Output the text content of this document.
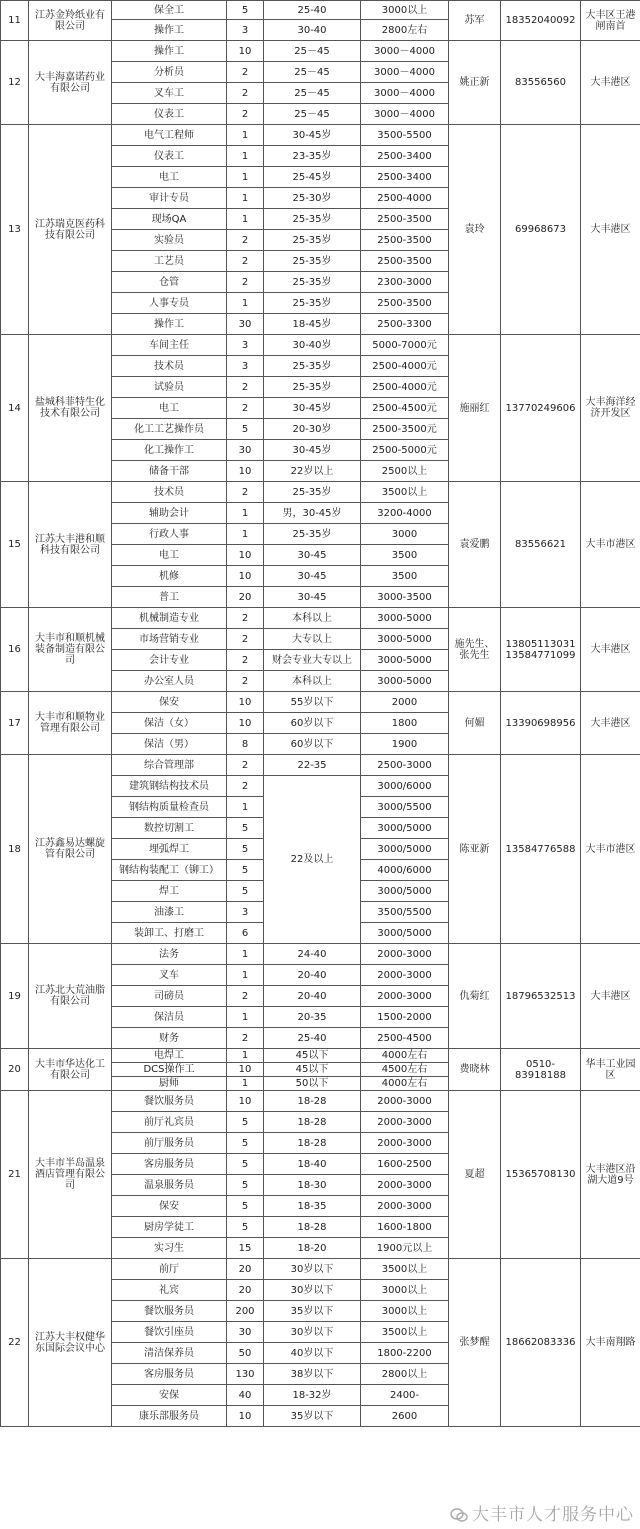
11	江苏金羚纸业有限公司	保全工	5	25-40	3000以上	苏军	18352040092	大丰区王港闸南首
		操作工	3	30-40	2800左右			
12	大丰海嘉诺药业有限公司	操作工	10	25－45	3000－4000	姚正新	83556560	大丰港区
		分析员	2	25－45	3000－4000			
		叉车工	2	25－45	3000－4000			
		仪表工	2	25－45	3000－4000			
13	江苏瑞克医药科技有限公司	电气工程师	1	30-45岁	3500-5500	袁玲	69968673	大丰港区
		仪表工	1	23-35岁	2500-3400			
		电工	1	25-45岁	2500-3400			
		审计专员	1	25-30岁	2500-4000			
		现场QA	1	25-35岁	2500-3500			
		实验员	2	25-35岁	2500-3500			
		工艺员	2	25-35岁	2500-3500			
		仓管	2	25-35岁	2300-3000			
		人事专员	1	25-35岁	2500-3500			
		操作工	30	18-45岁	2500-3300			
14	盐城科菲特生化技术有限公司	车间主任	3	30-40岁	5000-7000元	施丽红	13770249606	大丰海洋经济开发区
		技术员	3	25-35岁	2500-4000元			
		试验员	2	25-35岁	2500-4000元			
		电工	2	30-45岁	2500-4500元			
		化工工艺操作员	5	20-30岁	2500-3500元			
		化工操作工	30	30-45岁	2500-5000元			
		储备干部	10	22岁以上	2500以上			
15	江苏大丰港和顺科技有限公司	技术员	2	25-35岁	3500以上	袁爱鹏	83556621	大丰市港区
		辅助会计	1	男，30-45岁	3200-4000			
		行政人事	1	25-35岁	3000			
		电工	10	30-45	3500			
		机修	10	30-45	3500			
		普工	20	30-45	3000-3500			
16	大丰市和顺机械装备制造有限公司	机械制造专业	2	本科以上	3000-5000	施先生、张先生	13805113031 13584771099	大丰港区
		市场营销专业	2	大专以上	3000-5000			
		会计专业	2	财会专业大专以上	3000-5000			
		办公室人员	2	本科以上	3000-5000			
17	大丰市和顺物业管理有限公司	保安	10	55岁以下	2000	何媚	13390698956	大丰港区
		保洁（女）	10	60岁以下	1800			
		保洁（男）	8	60岁以下	1900			
18	江苏鑫易达螺旋管有限公司	综合管理部	2	22-35	2500-3000	陈亚新	13584776588	大丰市港区
		建筑钢结构技术员	2	22及以上	3000/6000			
		钢结构质量检查员	1		3000/5500			
		数控切割工	5		3000/5000			
		埋弧焊工	5		3000/5000			
		钢结构装配工（铆工）	5		4000/6000			
		焊工	5		3000/5000			
		油漆工	3		3500/5500			
		装卸工、打磨工	6		3000/5000			
19	江苏北大荒油脂有限公司	法务	1	24-40	2000-3000	仇菊红	18796532513	大丰港区
		叉车	1	20-40	2000-3000			
		司磅员	2	20-40	2000-3000			
		保洁员	1	20-35	1500-2000			
		财务	2	25-40	2500-4500			
20	大丰市华达化工有限公司	电焊工	1	45以下	4000左右	费晓林	0510-83918188	华丰工业园区
		DCS操作工	10	45以下	4500左右			
		厨师	1	50以下	4000左右			
21	大丰市半岛温泉酒店管理有限公司	餐饮服务员	10	18-28	2000-3000	夏超	15365708130	大丰港区沿湖大道9号
		前厅礼宾员	5	18-28	2000-3000			
		前厅服务员	5	18-28	2000-3000			
		客房服务员	5	18-40	1600-2500			
		温泉服务员	5	18-30	2000-3000			
		保安	5	18-35	2000-3000			
		厨房学徒工	5	18-28	1600-1800			
		实习生	15	18-20	1900元以上			
22	江苏大丰权健华东国际会议中心	前厅	20	30岁以下	3500以上	张梦醒	18662083336	大丰南翔路
		礼宾	20	30岁以下	3000以上			
		餐饮服务员	200	35岁以下	3000以上			
		餐饮引座员	30	30岁以下	3500以上			
		清洁保养员	50	40岁以下	1800-2200			
		客房服务员	130	38岁以下	2800以上			
		安保	40	18-32岁	2400-			
		康乐部服务员	10	35岁以下	2600			
大丰市人才服务中心
